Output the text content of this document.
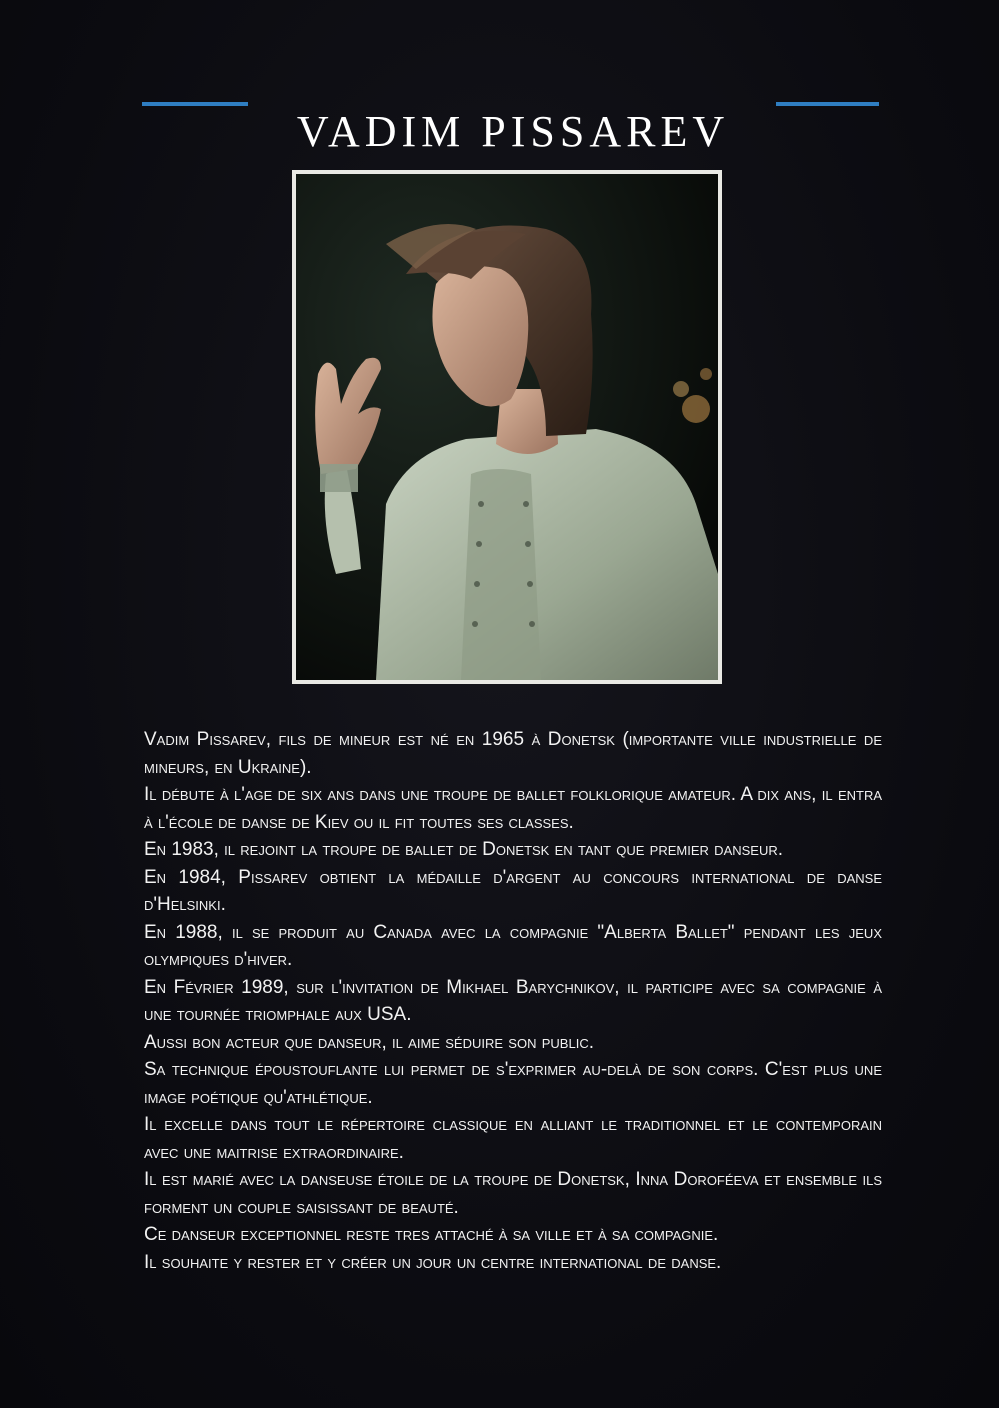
VADIM PISSAREV

Vadim Pissarev, fils de mineur est né en 1965 à Donetsk (importante ville industrielle de mineurs, en Ukraine).

Il débute à l'age de six ans dans une troupe de ballet folklorique amateur. A dix ans, il entra à l'école de danse de Kiev ou il fit toutes ses classes.

En 1983, il rejoint la troupe de ballet de Donetsk en tant que premier danseur.

En 1984, Pissarev obtient la médaille d'argent au concours international de danse d'Helsinki.

En 1988, il se produit au Canada avec la compagnie "Alberta Ballet" pendant les jeux olympiques d'hiver.

En Février 1989, sur l'invitation de Mikhael Barychnikov, il participe avec sa compagnie à une tournée triomphale aux USA.

Aussi bon acteur que danseur, il aime séduire son public.

Sa technique époustouflante lui permet de s'exprimer au-delà de son corps. C'est plus une image poétique qu'athlétique.

Il excelle dans tout le répertoire classique en alliant le traditionnel et le contemporain avec une maitrise extraordinaire.

Il est marié avec la danseuse étoile de la troupe de Donetsk, Inna Doroféeva et ensemble ils forment un couple saisissant de beauté.

Ce danseur exceptionnel reste tres attaché à sa ville et à sa compagnie.

Il souhaite y rester et y créer un jour un centre international de danse.
